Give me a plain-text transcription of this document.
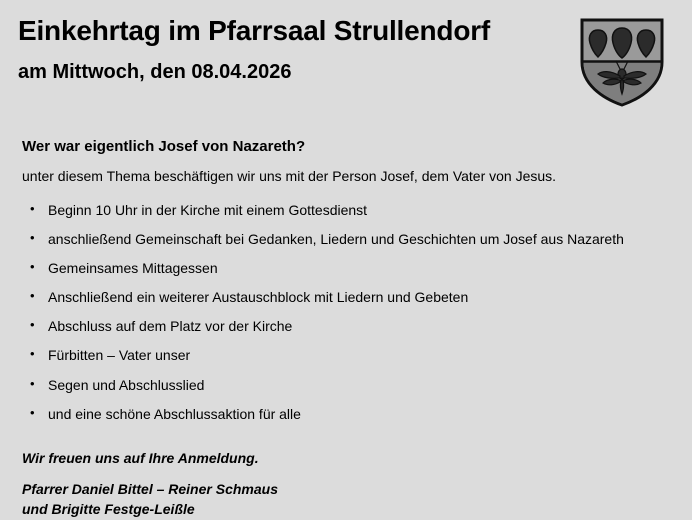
Einkehrtag im Pfarrsaal Strullendorf
am Mittwoch, den 08.04.2026
Wer war eigentlich Josef von Nazareth?
unter diesem Thema beschäftigen wir uns mit der Person Josef, dem Vater von Jesus.
• Beginn 10 Uhr in der Kirche mit einem Gottesdienst
• anschließend Gemeinschaft bei Gedanken, Liedern und Geschichten um Josef aus Nazareth
• Gemeinsames Mittagessen
• Anschließend ein weiterer Austauschblock mit Liedern und Gebeten
• Abschluss auf dem Platz vor der Kirche
• Fürbitten – Vater unser
• Segen und Abschlusslied
• und eine schöne Abschlussaktion für alle
Wir freuen uns auf Ihre Anmeldung.
Pfarrer Daniel Bittel – Reiner Schmaus
und Brigitte Festge-Leißle
